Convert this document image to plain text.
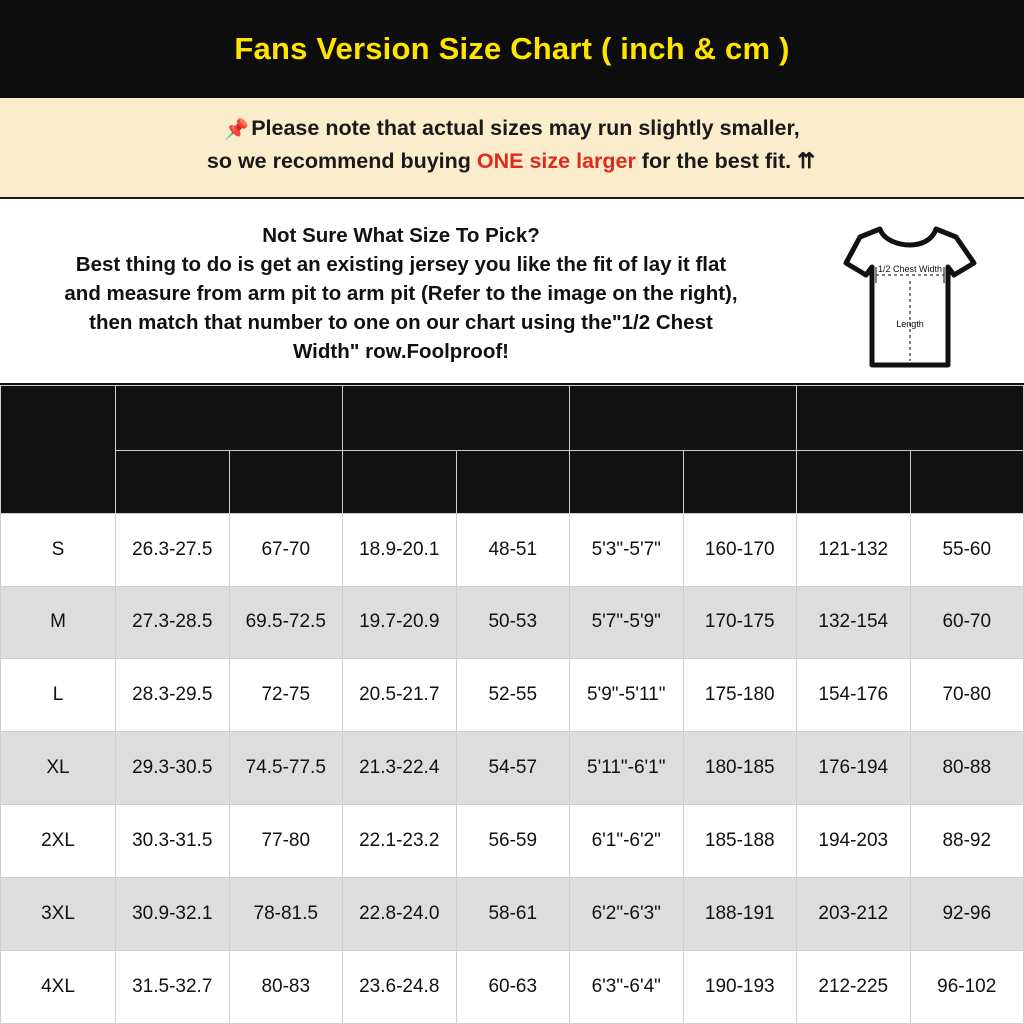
Fans Version Size Chart ( inch & cm )
📌Please note that actual sizes may run slightly smaller,
so we recommend buying ONE size larger for the best fit. ⇈
Not Sure What Size To Pick?
Best thing to do is get an existing jersey you like the fit of lay it flat
and measure from arm pit to arm pit (Refer to the image on the right),
then match that number to one on our chart using the"1/2 Chest
Width" row.Foolproof!
1/2 Chest Width
Length
SIZE	Length		1/2 Chest Width		Height		Weight	
	inch	cm	inch·	cm	inch	cm	Pound	KG
S	26.3-27.5	67-70	18.9-20.1	48-51	5'3"-5'7"	160-170	121-132	55-60
M	27.3-28.5	69.5-72.5	19.7-20.9	50-53	5'7"-5'9"	170-175	132-154	60-70
L	28.3-29.5	72-75	20.5-21.7	52-55	5'9"-5'11"	175-180	154-176	70-80
XL	29.3-30.5	74.5-77.5	21.3-22.4	54-57	5'11"-6'1"	180-185	176-194	80-88
2XL	30.3-31.5	77-80	22.1-23.2	56-59	6'1"-6'2"	185-188	194-203	88-92
3XL	30.9-32.1	78-81.5	22.8-24.0	58-61	6'2"-6'3"	188-191	203-212	92-96
4XL	31.5-32.7	80-83	23.6-24.8	60-63	6'3"-6'4"	190-193	212-225	96-102
